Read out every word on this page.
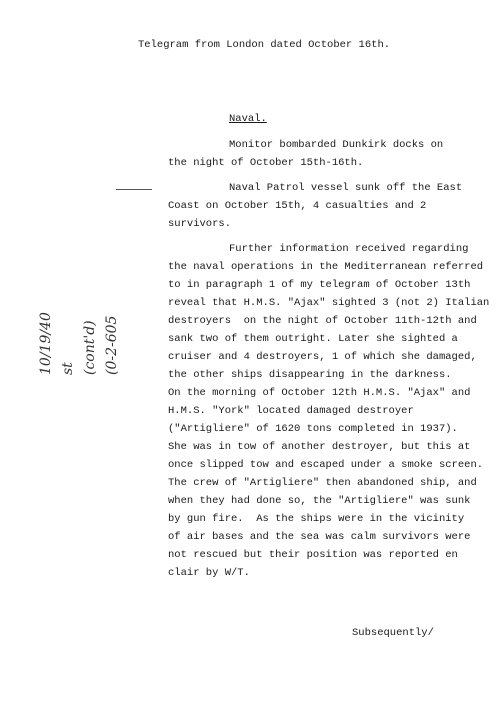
Telegram from London dated October 16th.
Naval.
Monitor bombarded Dunkirk docks on
the night of October 15th-16th.
Naval Patrol vessel sunk off the East
Coast on October 15th, 4 casualties and 2
survivors.
Further information received regarding
the naval operations in the Mediterranean referred
to in paragraph 1 of my telegram of October 13th
reveal that H.M.S. "Ajax" sighted 3 (not 2) Italian
destroyers  on the night of October 11th-12th and
sank two of them outright. Later she sighted a
cruiser and 4 destroyers, 1 of which she damaged,
the other ships disappearing in the darkness.
On the morning of October 12th H.M.S. "Ajax" and
H.M.S. "York" located damaged destroyer
("Artigliere" of 1620 tons completed in 1937).
She was in tow of another destroyer, but this at
once slipped tow and escaped under a smoke screen.
The crew of "Artigliere" then abandoned ship, and
when they had done so, the "Artigliere" was sunk
by gun fire.  As the ships were in the vicinity
of air bases and the sea was calm survivors were
not rescued but their position was reported en
clair by W/T.
Subsequently/
10/19/40 st (cont'd) (0-2-605
